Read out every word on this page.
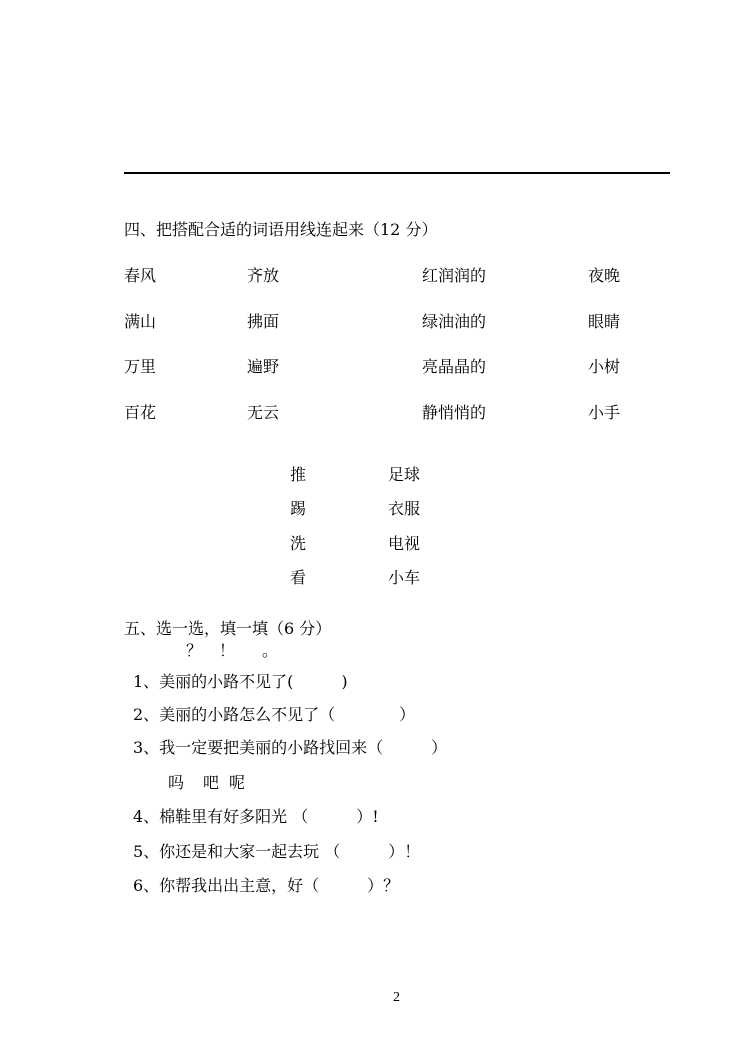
四、把搭配合适的词语用线连起来（12 分）
春风
满山
万里
百花
齐放
拂面
遍野
无云
红润润的
绿油油的
亮晶晶的
静悄悄的
夜晚
眼睛
小树
小手
推
踢
洗
看
足球
衣服
电视
小车
五、选一选，填一填（6 分）
？ ！ 。
1、美丽的小路不见了(　　　)
2、美丽的小路怎么不见了（　　　　）
3、我一定要把美丽的小路找回来（　　　）
吗 吧 呢
4、棉鞋里有好多阳光 （　　　）!
5、你还是和大家一起去玩 （　　　）！
6、你帮我出出主意，好（　　　）？
2
